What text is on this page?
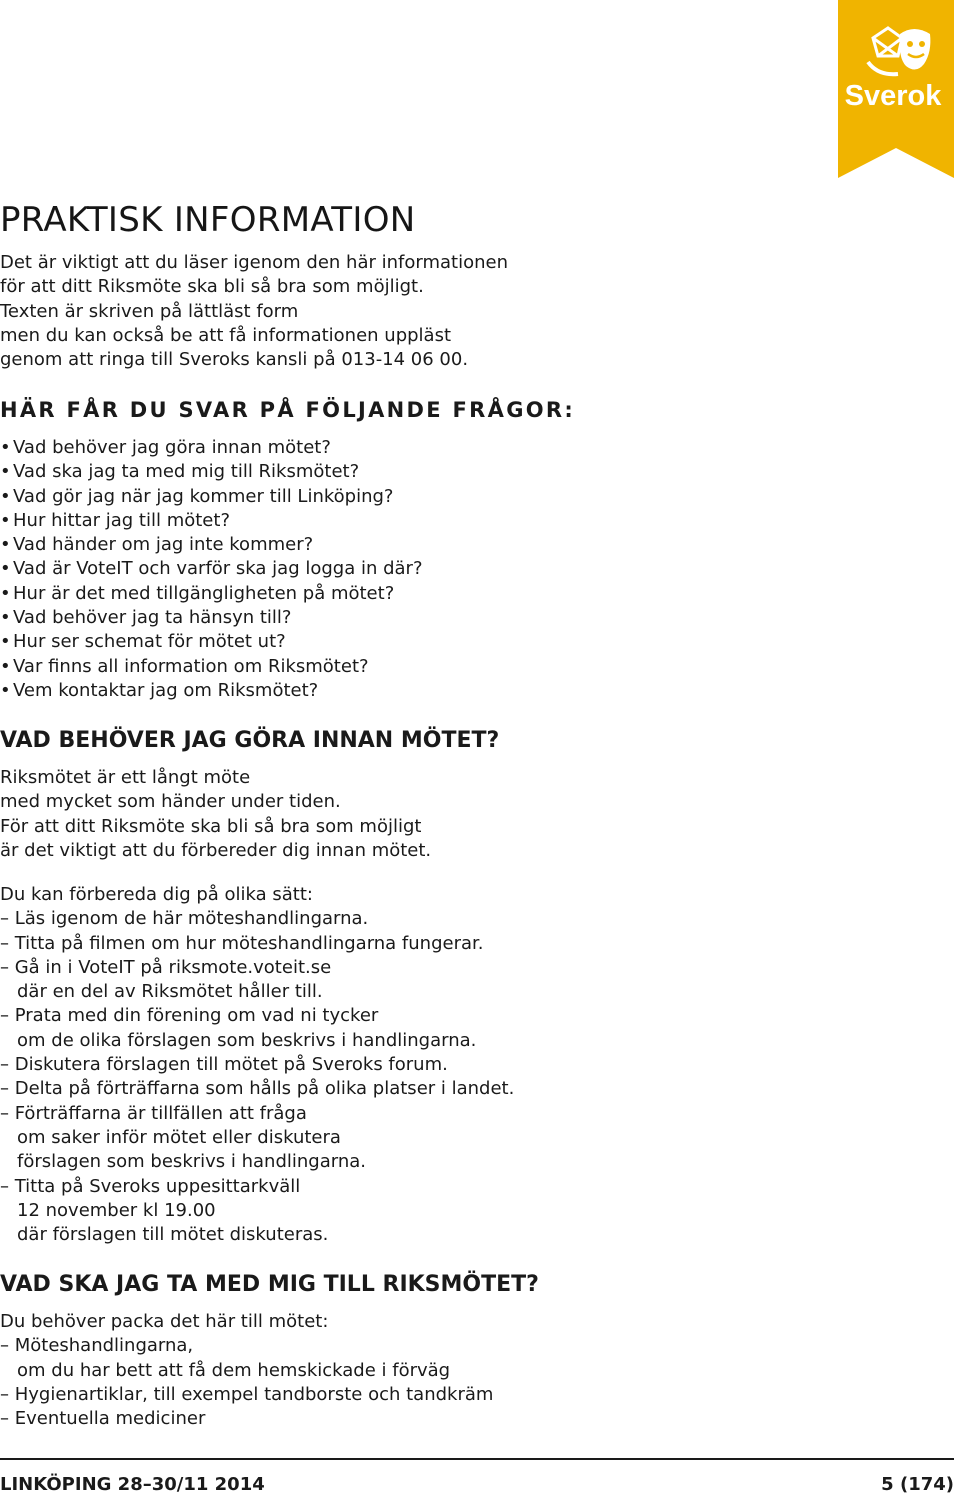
Sverok
PRAKTISK INFORMATION
Det är viktigt att du läser igenom den här informationen
för att ditt Riksmöte ska bli så bra som möjligt.
Texten är skriven på lättläst form
men du kan också be att få informationen uppläst
genom att ringa till Sveroks kansli på 013-14 06 00.
HÄR FÅR DU SVAR PÅ FÖLJANDE FRÅGOR:
• Vad behöver jag göra innan mötet?
• Vad ska jag ta med mig till Riksmötet?
• Vad gör jag när jag kommer till Linköping?
• Hur hittar jag till mötet?
• Vad händer om jag inte kommer?
• Vad är VoteIT och varför ska jag logga in där?
• Hur är det med tillgängligheten på mötet?
• Vad behöver jag ta hänsyn till?
• Hur ser schemat för mötet ut?
• Var finns all information om Riksmötet?
• Vem kontaktar jag om Riksmötet?
VAD BEHÖVER JAG GÖRA INNAN MÖTET?
Riksmötet är ett långt möte
med mycket som händer under tiden.
För att ditt Riksmöte ska bli så bra som möjligt
är det viktigt att du förbereder dig innan mötet.
Du kan förbereda dig på olika sätt:
– Läs igenom de här möteshandlingarna.
– Titta på filmen om hur möteshandlingarna fungerar.
– Gå in i VoteIT på riksmote.voteit.se
där en del av Riksmötet håller till.
– Prata med din förening om vad ni tycker
om de olika förslagen som beskrivs i handlingarna.
– Diskutera förslagen till mötet på Sveroks forum.
– Delta på förträffarna som hålls på olika platser i landet.
– Förträffarna är tillfällen att fråga
om saker inför mötet eller diskutera
förslagen som beskrivs i handlingarna.
– Titta på Sveroks uppesittarkväll
12 november kl 19.00
där förslagen till mötet diskuteras.
VAD SKA JAG TA MED MIG TILL RIKSMÖTET?
Du behöver packa det här till mötet:
– Möteshandlingarna,
om du har bett att få dem hemskickade i förväg
– Hygienartiklar, till exempel tandborste och tandkräm
– Eventuella mediciner
LINKÖPING 28–30/11 2014	5 (174)
